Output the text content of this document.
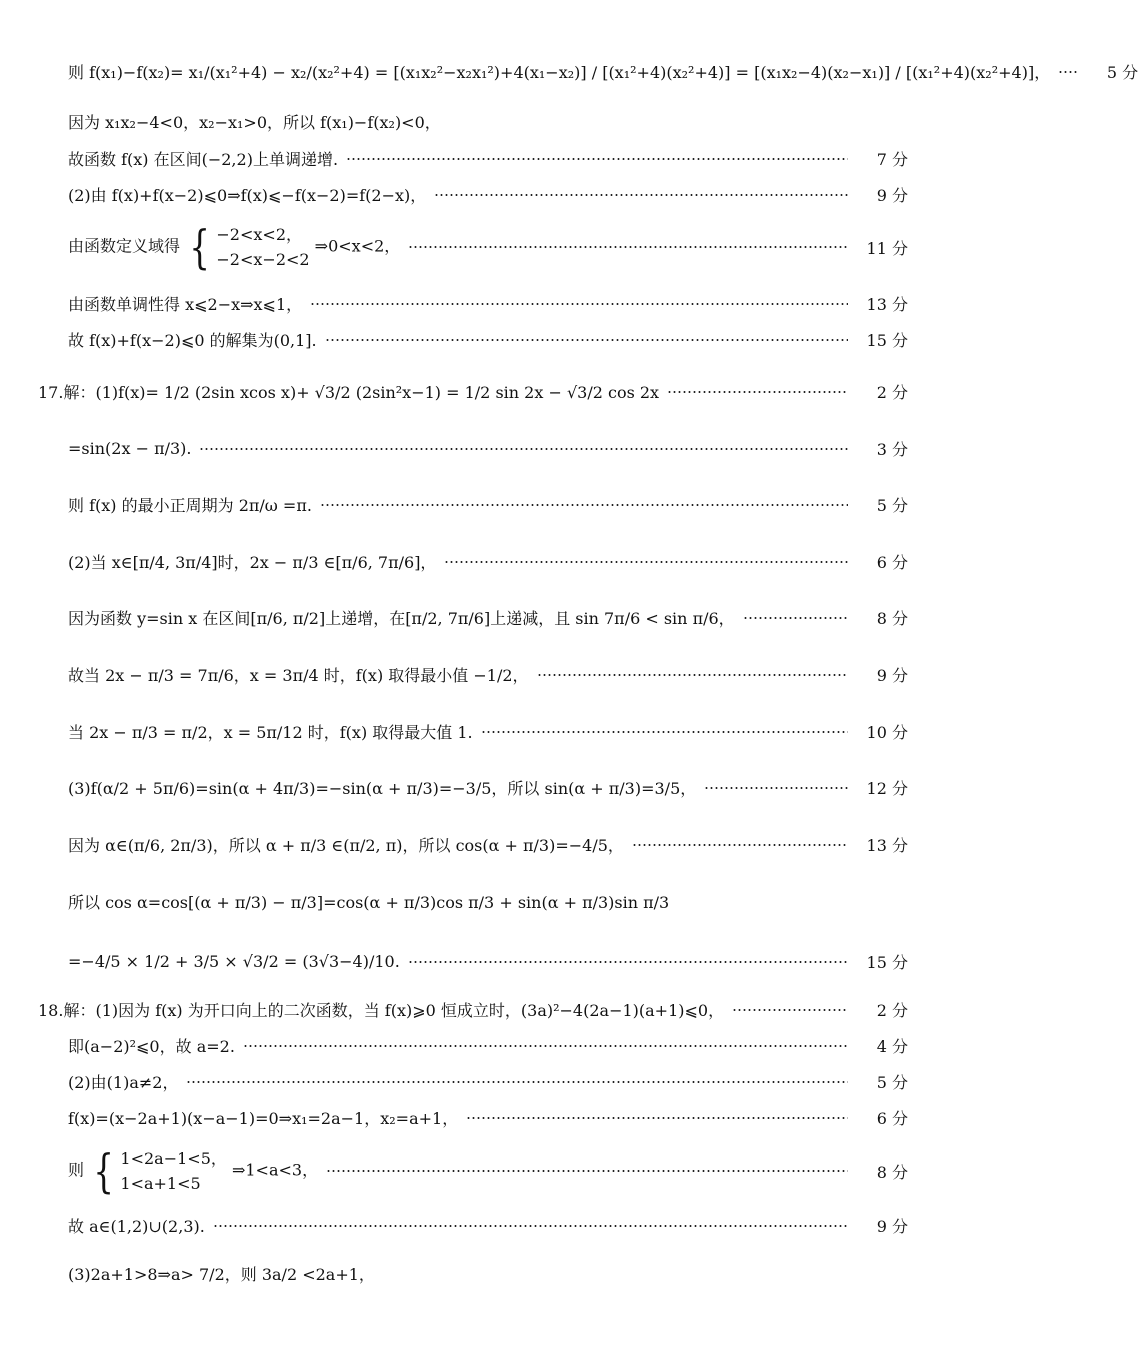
则 f(x₁)−f(x₂)= x₁/(x₁²+4) − x₂/(x₂²+4) = [(x₁x₂²−x₂x₁²)+4(x₁−x₂)] / [(x₁²+4)(x₂²+4)] = [(x₁x₂−4)(x₂−x₁)] / [(x₁²+4)(x₂²+4)]，	5 分
因为 x₁x₂−4<0，x₂−x₁>0，所以 f(x₁)−f(x₂)<0，
故函数 f(x) 在区间(−2,2)上单调递增.	7 分
(2)由 f(x)+f(x−2)⩽0⇒f(x)⩽−f(x−2)=f(2−x)，	9 分
由函数定义域得 { −2<x<2，
−2<x−2<2
⇒0<x<2，	11 分
由函数单调性得 x⩽2−x⇒x⩽1，	13 分
故 f(x)+f(x−2)⩽0 的解集为(0,1].	15 分
17.解：(1)f(x)= 1/2 (2sin xcos x)+ √3/2 (2sin²x−1) = 1/2 sin 2x − √3/2 cos 2x	2 分
=sin(2x − π/3).	3 分
则 f(x) 的最小正周期为 2π/ω =π.	5 分
(2)当 x∈[π/4, 3π/4]时，2x − π/3 ∈[π/6, 7π/6]，	6 分
因为函数 y=sin x 在区间[π/6, π/2]上递增，在[π/2, 7π/6]上递减，且 sin 7π/6 < sin π/6，	8 分
故当 2x − π/3 = 7π/6，x = 3π/4 时，f(x) 取得最小值 −1/2，	9 分
当 2x − π/3 = π/2，x = 5π/12 时，f(x) 取得最大值 1.	10 分
(3)f(α/2 + 5π/6)=sin(α + 4π/3)=−sin(α + π/3)=−3/5，所以 sin(α + π/3)=3/5，	12 分
因为 α∈(π/6, 2π/3)，所以 α + π/3 ∈(π/2, π)，所以 cos(α + π/3)=−4/5，	13 分
所以 cos α=cos[(α + π/3) − π/3]=cos(α + π/3)cos π/3 + sin(α + π/3)sin π/3
=−4/5 × 1/2 + 3/5 × √3/2 = (3√3−4)/10.	15 分
18.解：(1)因为 f(x) 为开口向上的二次函数，当 f(x)⩾0 恒成立时，(3a)²−4(2a−1)(a+1)⩽0，	2 分
即(a−2)²⩽0，故 a=2.	4 分
(2)由(1)a≠2，	5 分
f(x)=(x−2a+1)(x−a−1)=0⇒x₁=2a−1，x₂=a+1，	6 分
则 { 1<2a−1<5，
1<a+1<5
⇒1<a<3，	8 分
故 a∈(1,2)∪(2,3).	9 分
(3)2a+1>8⇒a> 7/2，则 3a/2 <2a+1，
